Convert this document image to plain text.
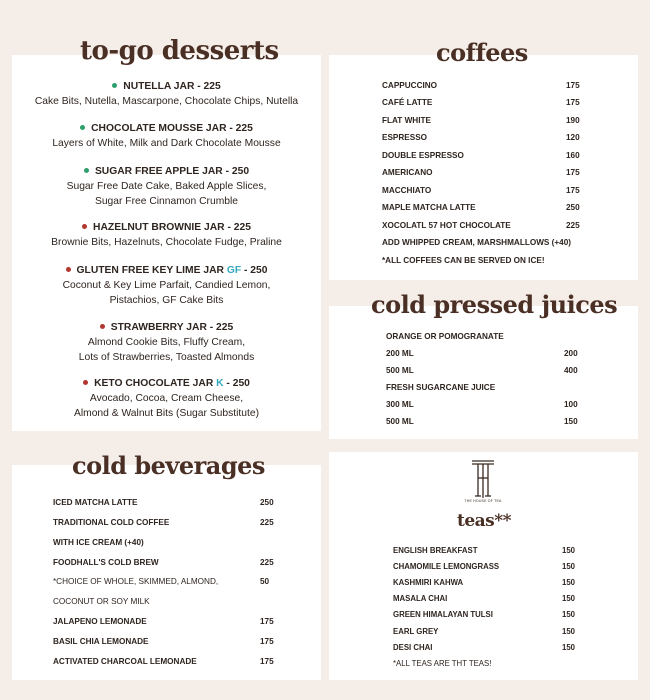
to-go desserts	coffees
cold pressed juices
cold beverages
teas**
NUTELLA JAR - 225
Cake Bits, Nutella, Mascarpone, Chocolate Chips, Nutella
CHOCOLATE MOUSSE JAR - 225
Layers of White, Milk and Dark Chocolate Mousse
SUGAR FREE APPLE JAR - 250
Sugar Free Date Cake, Baked Apple Slices,
Sugar Free Cinnamon Crumble
HAZELNUT BROWNIE JAR - 225
Brownie Bits, Hazelnuts, Chocolate Fudge, Praline
GLUTEN FREE KEY LIME JAR GF - 250
Coconut & Key Lime Parfait, Candied Lemon,
Pistachios, GF Cake Bits
STRAWBERRY JAR - 225
Almond Cookie Bits, Fluffy Cream,
Lots of Strawberries, Toasted Almonds
KETO CHOCOLATE JAR K - 250
Avocado, Cocoa, Cream Cheese,
Almond & Walnut Bits (Sugar Substitute)
CAPPUCCINO	175
CAFÉ LATTE	175
FLAT WHITE	190
ESPRESSO	120
DOUBLE ESPRESSO	160
AMERICANO	175
MACCHIATO	175
MAPLE MATCHA LATTE	250
XOCOLATL 57 HOT CHOCOLATE	225
ADD WHIPPED CREAM, MARSHMALLOWS (+40)
*ALL COFFEES CAN BE SERVED ON ICE!
ORANGE OR POMOGRANATE
200 ML	200
500 ML	400
FRESH SUGARCANE JUICE
300 ML	100
500 ML	150
ICED MATCHA LATTE	250
TRADITIONAL COLD COFFEE	225
WITH ICE CREAM (+40)
FOODHALL'S COLD BREW	225
*CHOICE OF WHOLE, SKIMMED, ALMOND,	50
COCONUT OR SOY MILK
JALAPENO LEMONADE	175
BASIL CHIA LEMONADE	175
ACTIVATED CHARCOAL LEMONADE	175
THE HOUSE OF TEA
ENGLISH BREAKFAST	150
CHAMOMILE LEMONGRASS	150
KASHMIRI KAHWA	150
MASALA CHAI	150
GREEN HIMALAYAN TULSI	150
EARL GREY	150
DESI CHAI	150
*ALL TEAS ARE THT TEAS!
